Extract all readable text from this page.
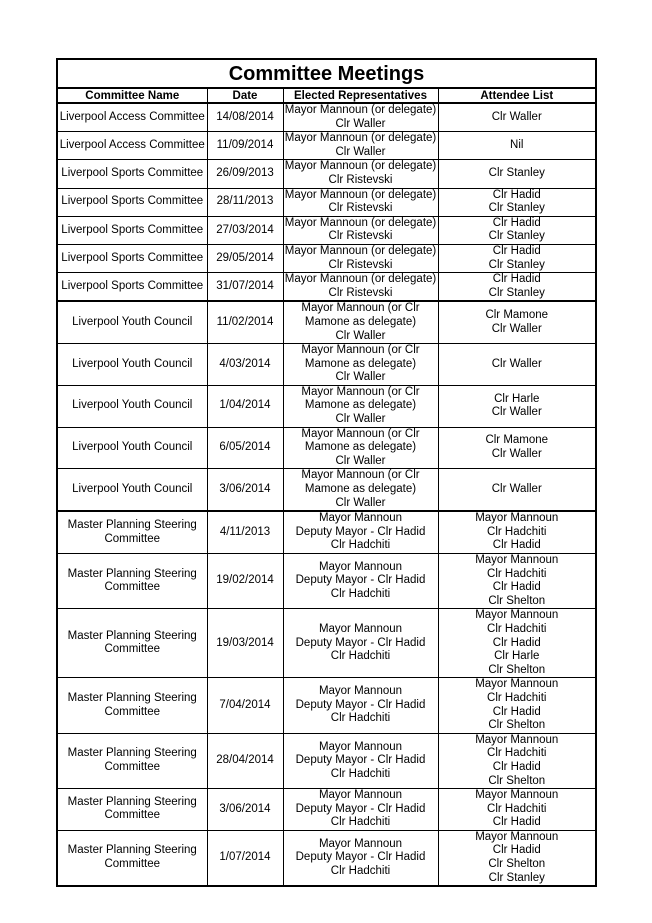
Committee Meetings			
Committee Name	Date	Elected Representatives	Attendee List

Liverpool Access Committee	14/08/2014	Mayor Mannoun (or delegate)
Clr Waller	Clr Waller

Liverpool Access Committee	11/09/2014	Mayor Mannoun (or delegate)
Clr Waller	Nil

Liverpool Sports Committee	26/09/2013	Mayor Mannoun (or delegate)
Clr Ristevski	Clr Stanley

Liverpool Sports Committee	28/11/2013	Mayor Mannoun (or delegate)
Clr Ristevski	Clr Hadid
Clr Stanley

Liverpool Sports Committee	27/03/2014	Mayor Mannoun (or delegate)
Clr Ristevski	Clr Hadid
Clr Stanley

Liverpool Sports Committee	29/05/2014	Mayor Mannoun (or delegate)
Clr Ristevski	Clr Hadid
Clr Stanley

Liverpool Sports Committee	31/07/2014	Mayor Mannoun (or delegate)
Clr Ristevski	Clr Hadid
Clr Stanley

Liverpool Youth Council	11/02/2014	Mayor Mannoun (or Clr
Mamone as delegate)
Clr Waller	Clr Mamone
Clr Waller

Liverpool Youth Council	4/03/2014	Mayor Mannoun (or Clr
Mamone as delegate)
Clr Waller	Clr Waller

Liverpool Youth Council	1/04/2014	Mayor Mannoun (or Clr
Mamone as delegate)
Clr Waller	Clr Harle
Clr Waller

Liverpool Youth Council	6/05/2014	Mayor Mannoun (or Clr
Mamone as delegate)
Clr Waller	Clr Mamone
Clr Waller

Liverpool Youth Council	3/06/2014	Mayor Mannoun (or Clr
Mamone as delegate)
Clr Waller	Clr Waller

Master Planning Steering
Committee	4/11/2013	Mayor Mannoun
Deputy Mayor - Clr Hadid
Clr Hadchiti	Mayor Mannoun
Clr Hadchiti
Clr Hadid

Master Planning Steering
Committee	19/02/2014	Mayor Mannoun
Deputy Mayor - Clr Hadid
Clr Hadchiti	Mayor Mannoun
Clr Hadchiti
Clr Hadid
Clr Shelton

Master Planning Steering
Committee	19/03/2014	Mayor Mannoun
Deputy Mayor - Clr Hadid
Clr Hadchiti	Mayor Mannoun
Clr Hadchiti
Clr Hadid
Clr Harle
Clr Shelton

Master Planning Steering
Committee	7/04/2014	Mayor Mannoun
Deputy Mayor - Clr Hadid
Clr Hadchiti	Mayor Mannoun
Clr Hadchiti
Clr Hadid
Clr Shelton

Master Planning Steering
Committee	28/04/2014	Mayor Mannoun
Deputy Mayor - Clr Hadid
Clr Hadchiti	Mayor Mannoun
Clr Hadchiti
Clr Hadid
Clr Shelton

Master Planning Steering
Committee	3/06/2014	Mayor Mannoun
Deputy Mayor - Clr Hadid
Clr Hadchiti	Mayor Mannoun
Clr Hadchiti
Clr Hadid

Master Planning Steering
Committee	1/07/2014	Mayor Mannoun
Deputy Mayor - Clr Hadid
Clr Hadchiti	Mayor Mannoun
Clr Hadid
Clr Shelton
Clr Stanley
